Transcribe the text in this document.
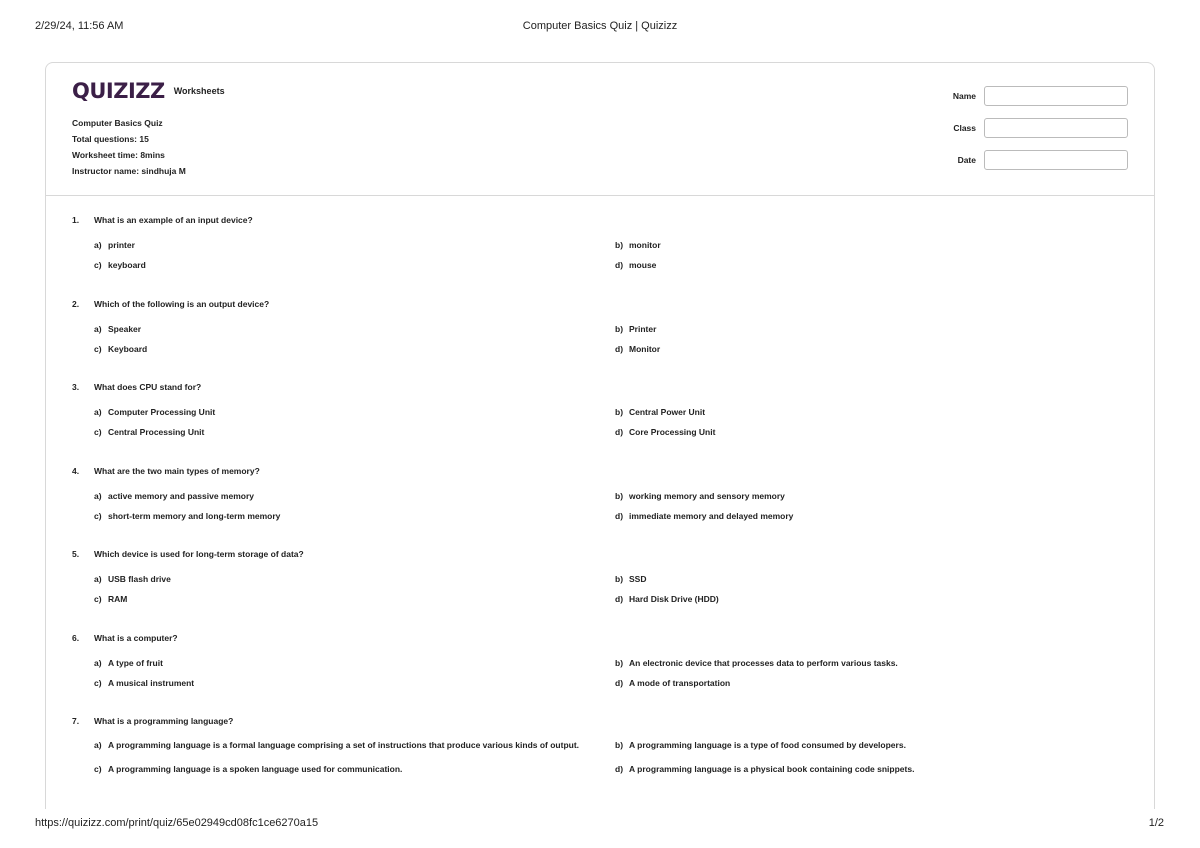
2/29/24, 11:56 AM	Computer Basics Quiz | Quizizz
QUIZIZZ Worksheets
Computer Basics Quiz
Total questions: 15
Worksheet time: 8mins
Instructor name: sindhuja M
Name
Class
Date
1. What is an example of an input device?
a) printer	b) monitor
c) keyboard	d) mouse
2. Which of the following is an output device?
a) Speaker	b) Printer
c) Keyboard	d) Monitor
3. What does CPU stand for?
a) Computer Processing Unit	b) Central Power Unit
c) Central Processing Unit	d) Core Processing Unit
4. What are the two main types of memory?
a) active memory and passive memory	b) working memory and sensory memory
c) short-term memory and long-term memory	d) immediate memory and delayed memory
5. Which device is used for long-term storage of data?
a) USB flash drive	b) SSD
c) RAM	d) Hard Disk Drive (HDD)
6. What is a computer?
a) A type of fruit	b) An electronic device that processes data to perform various tasks.
c) A musical instrument	d) A mode of transportation
7. What is a programming language?
a) A programming language is a formal language comprising a set of instructions that produce various kinds of output.	b) A programming language is a type of food consumed by developers.
c) A programming language is a spoken language used for communication.	d) A programming language is a physical book containing code snippets.
https://quizizz.com/print/quiz/65e02949cd08fc1ce6270a15	1/2
